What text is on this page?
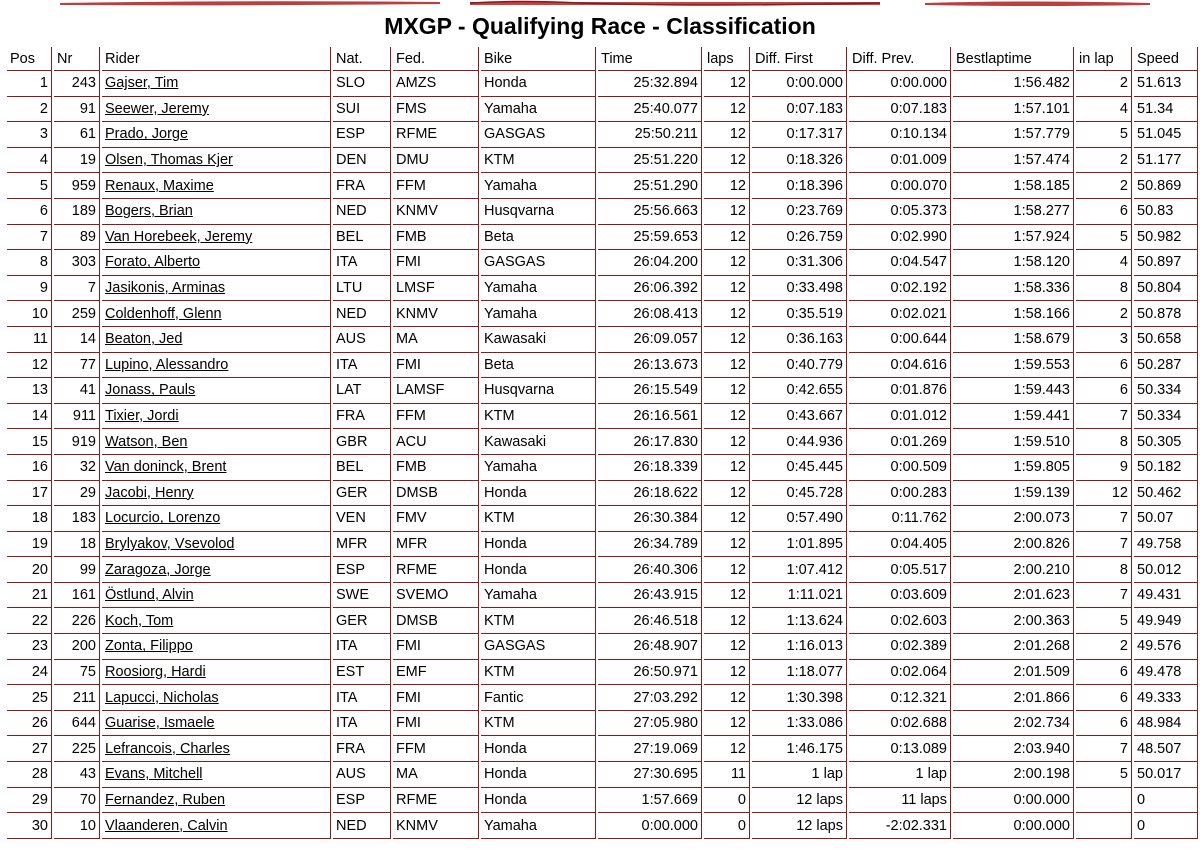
MXGP - Qualifying Race - Classification
Pos	Nr	Rider	Nat.	Fed.	Bike	Time	laps	Diff. First	Diff. Prev.	Bestlaptime	in lap	Speed
1	243	Gajser, Tim	SLO	AMZS	Honda	25:32.894	12	0:00.000	0:00.000	1:56.482	2	51.613
2	91	Seewer, Jeremy	SUI	FMS	Yamaha	25:40.077	12	0:07.183	0:07.183	1:57.101	4	51.34
3	61	Prado, Jorge	ESP	RFME	GASGAS	25:50.211	12	0:17.317	0:10.134	1:57.779	5	51.045
4	19	Olsen, Thomas Kjer	DEN	DMU	KTM	25:51.220	12	0:18.326	0:01.009	1:57.474	2	51.177
5	959	Renaux, Maxime	FRA	FFM	Yamaha	25:51.290	12	0:18.396	0:00.070	1:58.185	2	50.869
6	189	Bogers, Brian	NED	KNMV	Husqvarna	25:56.663	12	0:23.769	0:05.373	1:58.277	6	50.83
7	89	Van Horebeek, Jeremy	BEL	FMB	Beta	25:59.653	12	0:26.759	0:02.990	1:57.924	5	50.982
8	303	Forato, Alberto	ITA	FMI	GASGAS	26:04.200	12	0:31.306	0:04.547	1:58.120	4	50.897
9	7	Jasikonis, Arminas	LTU	LMSF	Yamaha	26:06.392	12	0:33.498	0:02.192	1:58.336	8	50.804
10	259	Coldenhoff, Glenn	NED	KNMV	Yamaha	26:08.413	12	0:35.519	0:02.021	1:58.166	2	50.878
11	14	Beaton, Jed	AUS	MA	Kawasaki	26:09.057	12	0:36.163	0:00.644	1:58.679	3	50.658
12	77	Lupino, Alessandro	ITA	FMI	Beta	26:13.673	12	0:40.779	0:04.616	1:59.553	6	50.287
13	41	Jonass, Pauls	LAT	LAMSF	Husqvarna	26:15.549	12	0:42.655	0:01.876	1:59.443	6	50.334
14	911	Tixier, Jordi	FRA	FFM	KTM	26:16.561	12	0:43.667	0:01.012	1:59.441	7	50.334
15	919	Watson, Ben	GBR	ACU	Kawasaki	26:17.830	12	0:44.936	0:01.269	1:59.510	8	50.305
16	32	Van doninck, Brent	BEL	FMB	Yamaha	26:18.339	12	0:45.445	0:00.509	1:59.805	9	50.182
17	29	Jacobi, Henry	GER	DMSB	Honda	26:18.622	12	0:45.728	0:00.283	1:59.139	12	50.462
18	183	Locurcio, Lorenzo	VEN	FMV	KTM	26:30.384	12	0:57.490	0:11.762	2:00.073	7	50.07
19	18	Brylyakov, Vsevolod	MFR	MFR	Honda	26:34.789	12	1:01.895	0:04.405	2:00.826	7	49.758
20	99	Zaragoza, Jorge	ESP	RFME	Honda	26:40.306	12	1:07.412	0:05.517	2:00.210	8	50.012
21	161	Östlund, Alvin	SWE	SVEMO	Yamaha	26:43.915	12	1:11.021	0:03.609	2:01.623	7	49.431
22	226	Koch, Tom	GER	DMSB	KTM	26:46.518	12	1:13.624	0:02.603	2:00.363	5	49.949
23	200	Zonta, Filippo	ITA	FMI	GASGAS	26:48.907	12	1:16.013	0:02.389	2:01.268	2	49.576
24	75	Roosiorg, Hardi	EST	EMF	KTM	26:50.971	12	1:18.077	0:02.064	2:01.509	6	49.478
25	211	Lapucci, Nicholas	ITA	FMI	Fantic	27:03.292	12	1:30.398	0:12.321	2:01.866	6	49.333
26	644	Guarise, Ismaele	ITA	FMI	KTM	27:05.980	12	1:33.086	0:02.688	2:02.734	6	48.984
27	225	Lefrancois, Charles	FRA	FFM	Honda	27:19.069	12	1:46.175	0:13.089	2:03.940	7	48.507
28	43	Evans, Mitchell	AUS	MA	Honda	27:30.695	11	1 lap	1 lap	2:00.198	5	50.017
29	70	Fernandez, Ruben	ESP	RFME	Honda	1:57.669	0	12 laps	11 laps	0:00.000		0
30	10	Vlaanderen, Calvin	NED	KNMV	Yamaha	0:00.000	0	12 laps	-2:02.331	0:00.000		0
